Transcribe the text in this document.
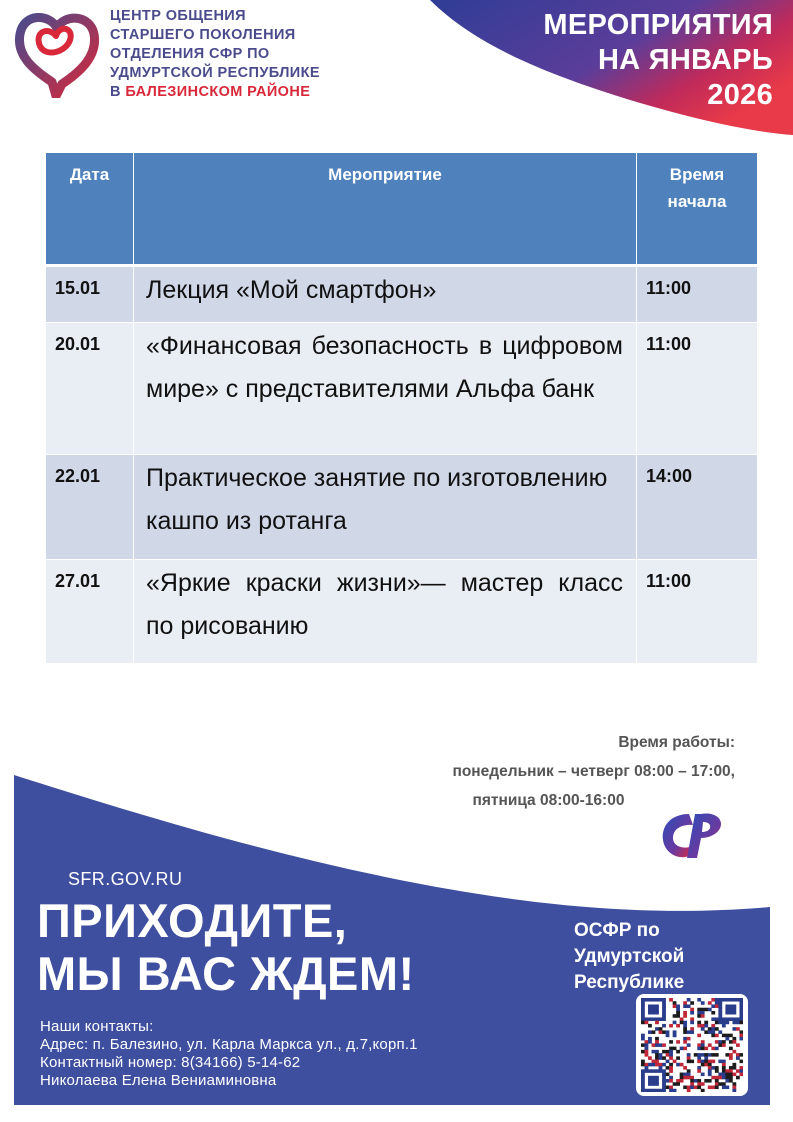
ЦЕНТР ОБЩЕНИЯ
СТАРШЕГО ПОКОЛЕНИЯ
ОТДЕЛЕНИЯ СФР ПО
УДМУРТСКОЙ РЕСПУБЛИКЕ
В БАЛЕЗИНСКОМ РАЙОНЕ
МЕРОПРИЯТИЯ
НА ЯНВАРЬ
2026
Дата	Мероприятие	Время
начала

15.01	Лекция «Мой смартфон»	11:00
20.01	«Финансовая безопасность в цифровом мире» с представителями Альфа банк	11:00
22.01	Практическое занятие по изготовлению кашпо из ротанга	14:00
27.01	«Яркие краски жизни»— мастер класс по рисованию	11:00
Время работы:
понедельник – четверг 08:00 – 17:00,
пятница 08:00-16:00
SFR.GOV.RU
ПРИХОДИТЕ,
МЫ ВАС ЖДЕМ!
ОСФР по
Удмуртской
Республике
Наши контакты:
Адрес: п. Балезино, ул. Карла Маркса ул., д.7,корп.1
Контактный номер: 8(34166) 5-14-62
Николаева Елена Вениаминовна
